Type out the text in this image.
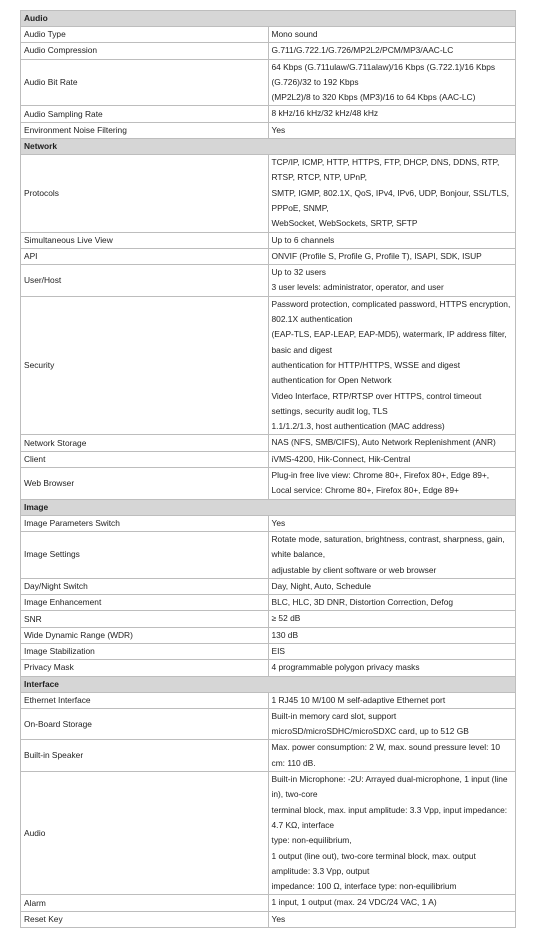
Audio	
Audio Type	Mono sound

Audio Compression	G.711/G.722.1/G.726/MP2L2/PCM/MP3/AAC-LC

Audio Bit Rate	64 Kbps (G.711ulaw/G.711alaw)/16 Kbps (G.722.1)/16 Kbps (G.726)/32 to 192 Kbps
(MP2L2)/8 to 320 Kbps (MP3)/16 to 64 Kbps (AAC-LC)

Audio Sampling Rate	8 kHz/16 kHz/32 kHz/48 kHz

Environment Noise Filtering	Yes

Network	
Protocols	TCP/IP, ICMP, HTTP, HTTPS, FTP, DHCP, DNS, DDNS, RTP, RTSP, RTCP, NTP, UPnP,
SMTP, IGMP, 802.1X, QoS, IPv4, IPv6, UDP, Bonjour, SSL/TLS, PPPoE, SNMP,
WebSocket, WebSockets, SRTP, SFTP

Simultaneous Live View	Up to 6 channels

API	ONVIF (Profile S, Profile G, Profile T), ISAPI, SDK, ISUP

User/Host	Up to 32 users
3 user levels: administrator, operator, and user

Security	Password protection, complicated password, HTTPS encryption, 802.1X authentication
(EAP-TLS, EAP-LEAP, EAP-MD5), watermark, IP address filter, basic and digest
authentication for HTTP/HTTPS, WSSE and digest authentication for Open Network
Video Interface, RTP/RTSP over HTTPS, control timeout settings, security audit log, TLS
1.1/1.2/1.3, host authentication (MAC address)

Network Storage	NAS (NFS, SMB/CIFS), Auto Network Replenishment (ANR)

Client	iVMS-4200, Hik-Connect, Hik-Central

Web Browser	Plug-in free live view: Chrome 80+, Firefox 80+, Edge 89+,
Local service: Chrome 80+, Firefox 80+, Edge 89+

Image	
Image Parameters Switch	Yes

Image Settings	Rotate mode, saturation, brightness, contrast, sharpness, gain, white balance,
adjustable by client software or web browser

Day/Night Switch	Day, Night, Auto, Schedule

Image Enhancement	BLC, HLC, 3D DNR, Distortion Correction, Defog

SNR	≥ 52 dB

Wide Dynamic Range (WDR)	130 dB

Image Stabilization	EIS

Privacy Mask	4 programmable polygon privacy masks

Interface	
Ethernet Interface	1 RJ45 10 M/100 M self-adaptive Ethernet port

On-Board Storage	Built-in memory card slot, support microSD/microSDHC/microSDXC card, up to 512 GB

Built-in Speaker	Max. power consumption: 2 W, max. sound pressure level: 10 cm: 110 dB.

Audio	Built-in Microphone: -2U: Arrayed dual-microphone, 1 input (line in), two-core
terminal block, max. input amplitude: 3.3 Vpp, input impedance: 4.7 KΩ, interface
type: non-equilibrium,
1 output (line out), two-core terminal block, max. output amplitude: 3.3 Vpp, output
impedance: 100 Ω, interface type: non-equilibrium

Alarm	1 input, 1 output (max. 24 VDC/24 VAC, 1 A)

Reset Key	Yes
